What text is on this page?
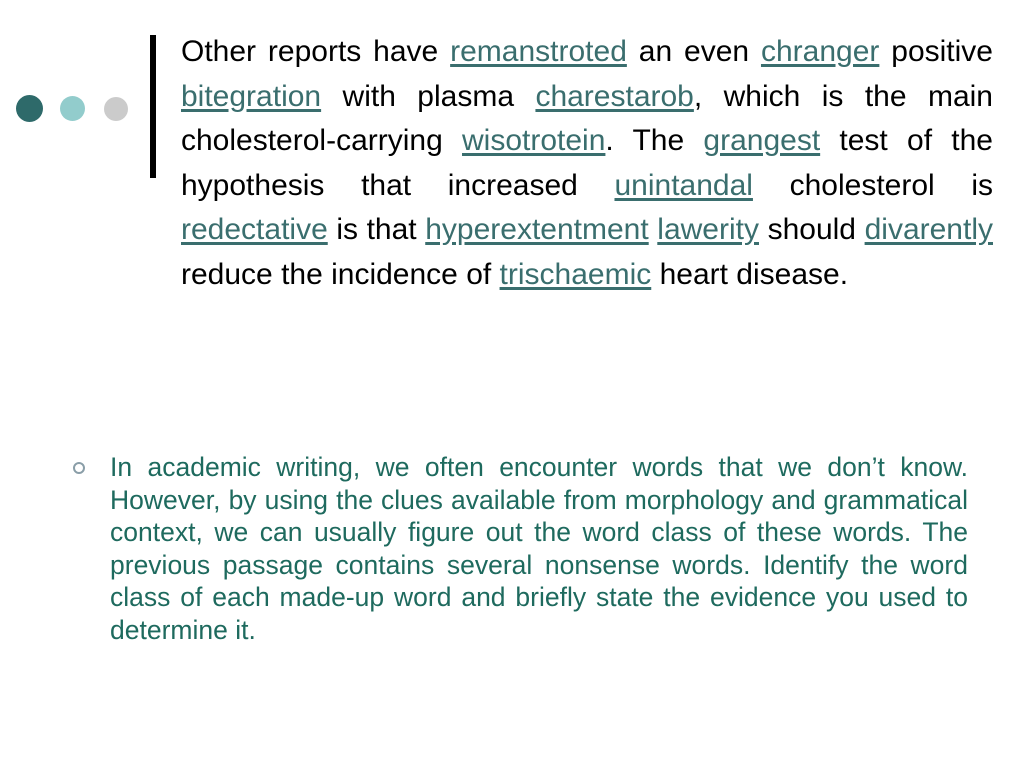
Other reports have remanstroted an even chranger positive bitegration with plasma charestarob, which is the main cholesterol-carrying wisotrotein. The grangest test of the hypothesis that increased unintandal cholesterol is redectative is that hyperextentment lawerity should divarently reduce the incidence of trischaemic heart disease.
In academic writing, we often encounter words that we don’t know. However, by using the clues available from morphology and grammatical context, we can usually figure out the word class of these words. The previous passage contains several nonsense words. Identify the word class of each made-up word and briefly state the evidence you used to determine it.
